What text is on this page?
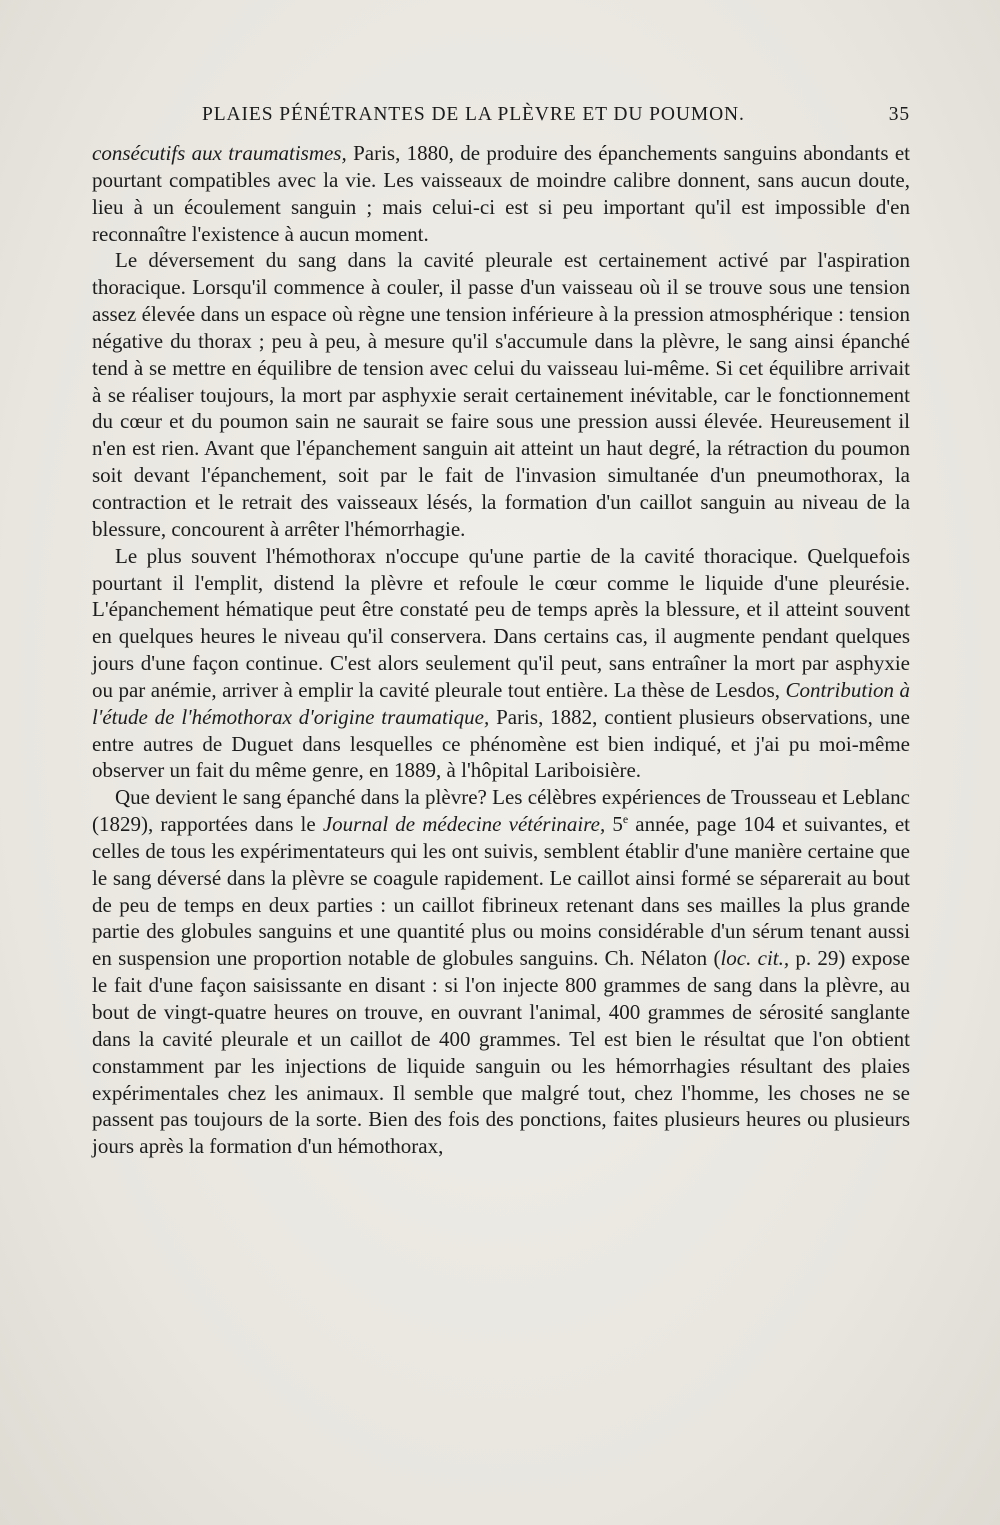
PLAIES PÉNÉTRANTES DE LA PLÈVRE ET DU POUMON.	35

consécutifs aux traumatismes, Paris, 1880, de produire des épanchements sanguins abondants et pourtant compatibles avec la vie. Les vaisseaux de moindre calibre donnent, sans aucun doute, lieu à un écoulement sanguin ; mais celui-ci est si peu important qu'il est impossible d'en reconnaître l'existence à aucun moment.

Le déversement du sang dans la cavité pleurale est certainement activé par l'aspiration thoracique. Lorsqu'il commence à couler, il passe d'un vaisseau où il se trouve sous une tension assez élevée dans un espace où règne une tension inférieure à la pression atmosphérique : tension négative du thorax ; peu à peu, à mesure qu'il s'accumule dans la plèvre, le sang ainsi épanché tend à se mettre en équilibre de tension avec celui du vaisseau lui-même. Si cet équilibre arrivait à se réaliser toujours, la mort par asphyxie serait certainement inévitable, car le fonctionnement du cœur et du poumon sain ne saurait se faire sous une pression aussi élevée. Heureusement il n'en est rien. Avant que l'épanchement sanguin ait atteint un haut degré, la rétraction du poumon soit devant l'épanchement, soit par le fait de l'invasion simultanée d'un pneumothorax, la contraction et le retrait des vaisseaux lésés, la formation d'un caillot sanguin au niveau de la blessure, concourent à arrêter l'hémorrhagie.

Le plus souvent l'hémothorax n'occupe qu'une partie de la cavité thoracique. Quelquefois pourtant il l'emplit, distend la plèvre et refoule le cœur comme le liquide d'une pleurésie. L'épanchement hématique peut être constaté peu de temps après la blessure, et il atteint souvent en quelques heures le niveau qu'il conservera. Dans certains cas, il augmente pendant quelques jours d'une façon continue. C'est alors seulement qu'il peut, sans entraîner la mort par asphyxie ou par anémie, arriver à emplir la cavité pleurale tout entière. La thèse de Lesdos, Contribution à l'étude de l'hémothorax d'origine traumatique, Paris, 1882, contient plusieurs observations, une entre autres de Duguet dans lesquelles ce phénomène est bien indiqué, et j'ai pu moi-même observer un fait du même genre, en 1889, à l'hôpital Lariboisière.

Que devient le sang épanché dans la plèvre? Les célèbres expériences de Trousseau et Leblanc (1829), rapportées dans le Journal de médecine vétérinaire, 5e année, page 104 et suivantes, et celles de tous les expérimentateurs qui les ont suivis, semblent établir d'une manière certaine que le sang déversé dans la plèvre se coagule rapidement. Le caillot ainsi formé se séparerait au bout de peu de temps en deux parties : un caillot fibrineux retenant dans ses mailles la plus grande partie des globules sanguins et une quantité plus ou moins considérable d'un sérum tenant aussi en suspension une proportion notable de globules sanguins. Ch. Nélaton (loc. cit., p. 29) expose le fait d'une façon saisissante en disant : si l'on injecte 800 grammes de sang dans la plèvre, au bout de vingt-quatre heures on trouve, en ouvrant l'animal, 400 grammes de sérosité sanglante dans la cavité pleurale et un caillot de 400 grammes. Tel est bien le résultat que l'on obtient constamment par les injections de liquide sanguin ou les hémorrhagies résultant des plaies expérimentales chez les animaux. Il semble que malgré tout, chez l'homme, les choses ne se passent pas toujours de la sorte. Bien des fois des ponctions, faites plusieurs heures ou plusieurs jours après la formation d'un hémothorax,
